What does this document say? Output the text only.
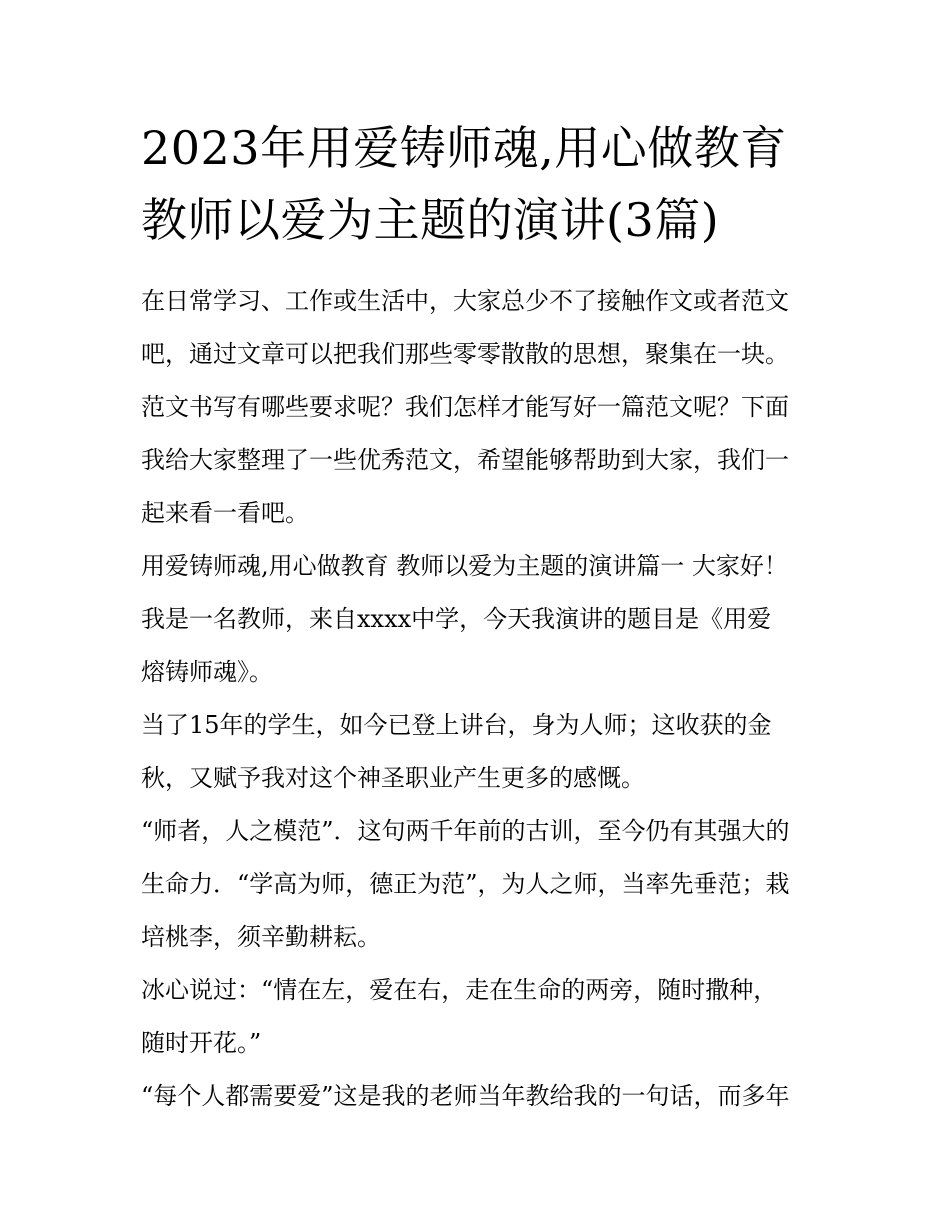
2023年用爱铸师魂,用心做教育
教师以爱为主题的演讲(3篇)

在日常学习、工作或生活中，大家总少不了接触作文或者范文
吧，通过文章可以把我们那些零零散散的思想，聚集在一块。
范文书写有哪些要求呢？我们怎样才能写好一篇范文呢？下面
我给大家整理了一些优秀范文，希望能够帮助到大家，我们一
起来看一看吧。

用爱铸师魂,用心做教育 教师以爱为主题的演讲篇一 大家好！
我是一名教师，来自xxxx中学，今天我演讲的题目是《用爱
熔铸师魂》。

当了15年的学生，如今已登上讲台，身为人师；这收获的金
秋，又赋予我对这个神圣职业产生更多的感慨。

“师者，人之模范”．这句两千年前的古训，至今仍有其强大的
生命力．“学高为师，德正为范”，为人之师，当率先垂范；栽
培桃李，须辛勤耕耘。

冰心说过：“情在左，爱在右，走在生命的两旁，随时撒种，
随时开花。”

“每个人都需要爱”这是我的老师当年教给我的一句话，而多年
